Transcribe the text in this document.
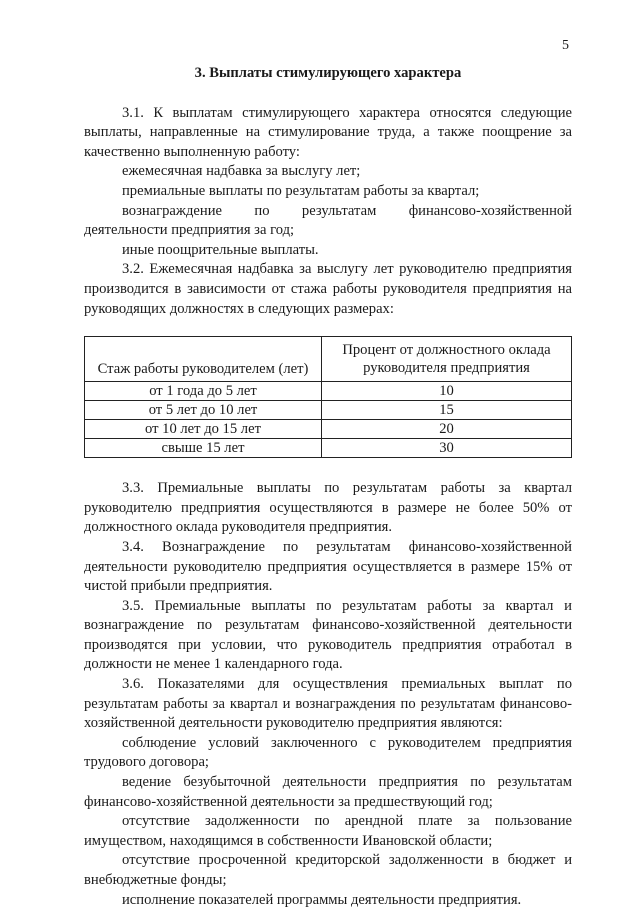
5
3. Выплаты стимулирующего характера

3.1. К выплатам стимулирующего характера относятся следующие выплаты, направленные на стимулирование труда, а также поощрение за качественно выполненную работу:

ежемесячная надбавка за выслугу лет;

премиальные выплаты по результатам работы за квартал;

вознаграждение по результатам финансово-хозяйственной деятельности предприятия за год;

иные поощрительные выплаты.

3.2. Ежемесячная надбавка за выслугу лет руководителю предприятия производится в зависимости от стажа работы руководителя предприятия на руководящих должностях в следующих размерах:

Стаж работы руководителем (лет)	Процент от должностного оклада руководителя предприятия
от 1 года до 5 лет	10
от 5 лет до 10 лет	15
от 10 лет до 15 лет	20
свыше 15 лет	30

3.3. Премиальные выплаты по результатам работы за квартал руководителю предприятия осуществляются в размере не более 50% от должностного оклада руководителя предприятия.

3.4. Вознаграждение по результатам финансово-хозяйственной деятельности руководителю предприятия осуществляется в размере 15% от чистой прибыли предприятия.

3.5. Премиальные выплаты по результатам работы за квартал и вознаграждение по результатам финансово-хозяйственной деятельности производятся при условии, что руководитель предприятия отработал в должности не менее 1 календарного года.

3.6. Показателями для осуществления премиальных выплат по результатам работы за квартал и вознаграждения по результатам финансово-хозяйственной деятельности руководителю предприятия являются:

соблюдение условий заключенного с руководителем предприятия трудового договора;

ведение безубыточной деятельности предприятия по результатам финансово-хозяйственной деятельности за предшествующий год;

отсутствие задолженности по арендной плате за пользование имуществом, находящимся в собственности Ивановской области;

отсутствие просроченной кредиторской задолженности в бюджет и внебюджетные фонды;

исполнение показателей программы деятельности предприятия.
